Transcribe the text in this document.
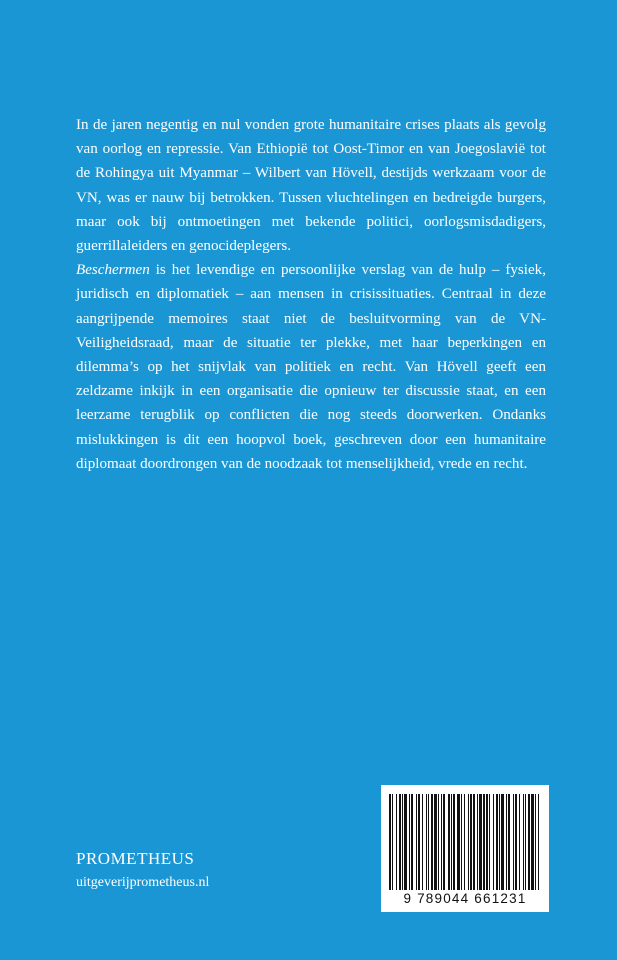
In de jaren negentig en nul vonden grote humanitaire crises plaats als gevolg van oorlog en repressie. Van Ethiopië tot Oost-Timor en van Joegoslavië tot de Rohingya uit Myanmar – Wilbert van Hövell, destijds werkzaam voor de VN, was er nauw bij betrokken. Tussen vluchtelingen en bedreigde burgers, maar ook bij ontmoetingen met bekende politici, oorlogsmisdadigers, guerrillaleiders en genocideplegers.

Beschermen is het levendige en persoonlijke verslag van de hulp – fysiek, juridisch en diplomatiek – aan mensen in crisissituaties. Centraal in deze aangrijpende memoires staat niet de besluitvorming van de VN-Veiligheidsraad, maar de situatie ter plekke, met haar beperkingen en dilemma’s op het snijvlak van politiek en recht. Van Hövell geeft een zeldzame inkijk in een organisatie die opnieuw ter discussie staat, en een leerzame terugblik op conflicten die nog steeds doorwerken. Ondanks mislukkingen is dit een hoopvol boek, geschreven door een humanitaire diplomaat doordrongen van de noodzaak tot menselijkheid, vrede en recht.

PROMETHEUS
uitgeverijprometheus.nl
9 789044 661231
